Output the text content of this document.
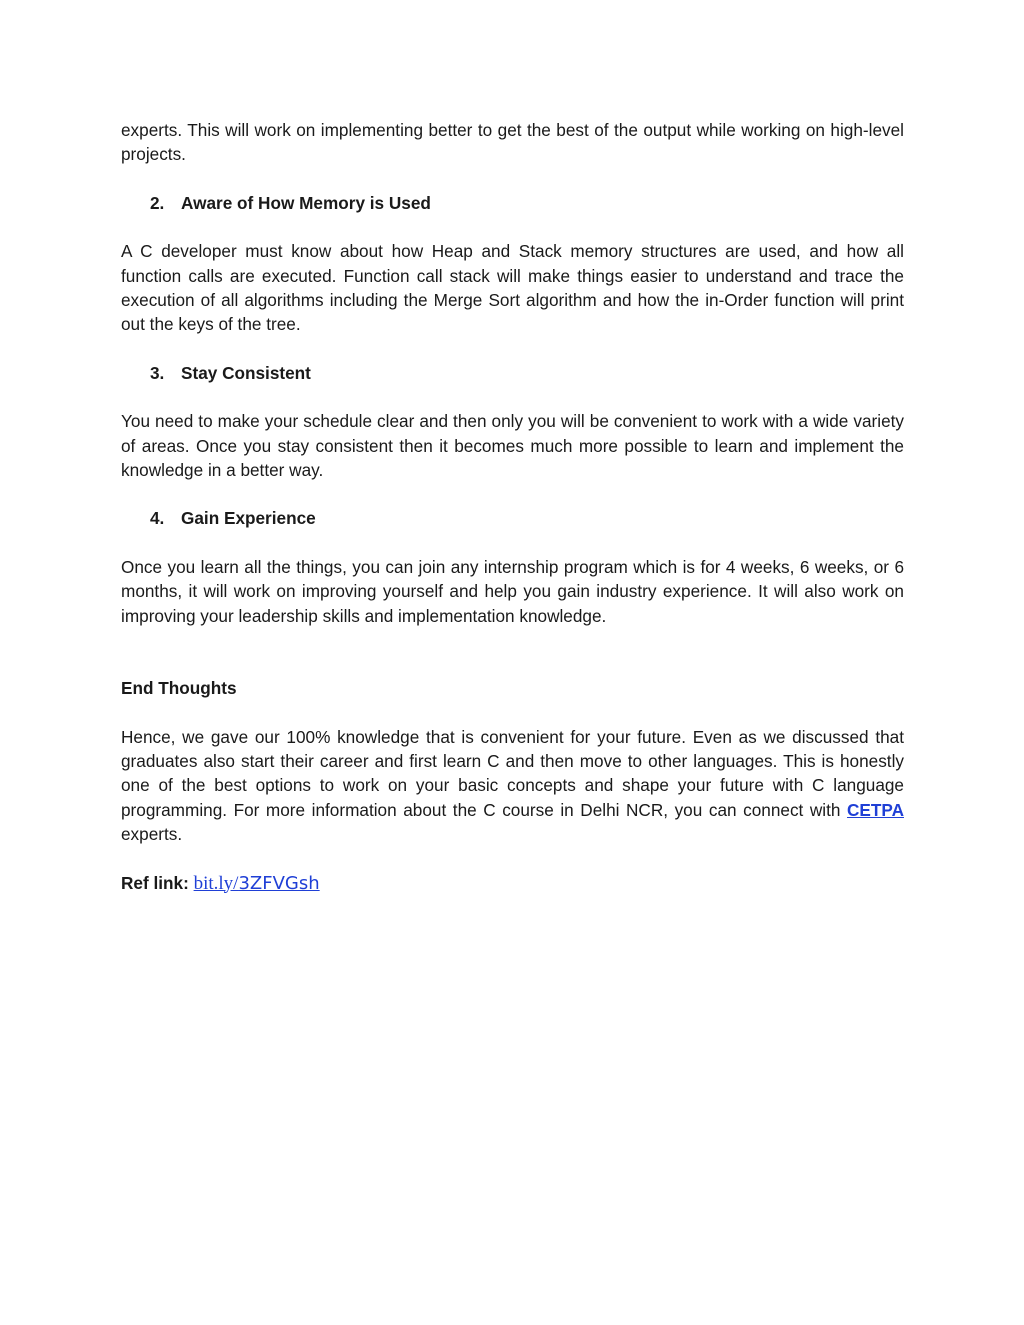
experts. This will work on implementing better to get the best of the output while working on high-level projects.

2. Aware of How Memory is Used

A C developer must know about how Heap and Stack memory structures are used, and how all function calls are executed. Function call stack will make things easier to understand and trace the execution of all algorithms including the Merge Sort algorithm and how the in-Order function will print out the keys of the tree.

3. Stay Consistent

You need to make your schedule clear and then only you will be convenient to work with a wide variety of areas. Once you stay consistent then it becomes much more possible to learn and implement the knowledge in a better way.

4. Gain Experience

Once you learn all the things, you can join any internship program which is for 4 weeks, 6 weeks, or 6 months, it will work on improving yourself and help you gain industry experience. It will also work on improving your leadership skills and implementation knowledge.

End Thoughts

Hence, we gave our 100% knowledge that is convenient for your future. Even as we discussed that graduates also start their career and first learn C and then move to other languages. This is honestly one of the best options to work on your basic concepts and shape your future with C language programming. For more information about the C course in Delhi NCR, you can connect with CETPA experts.

Ref link: bit.ly/3ZFVGsh
